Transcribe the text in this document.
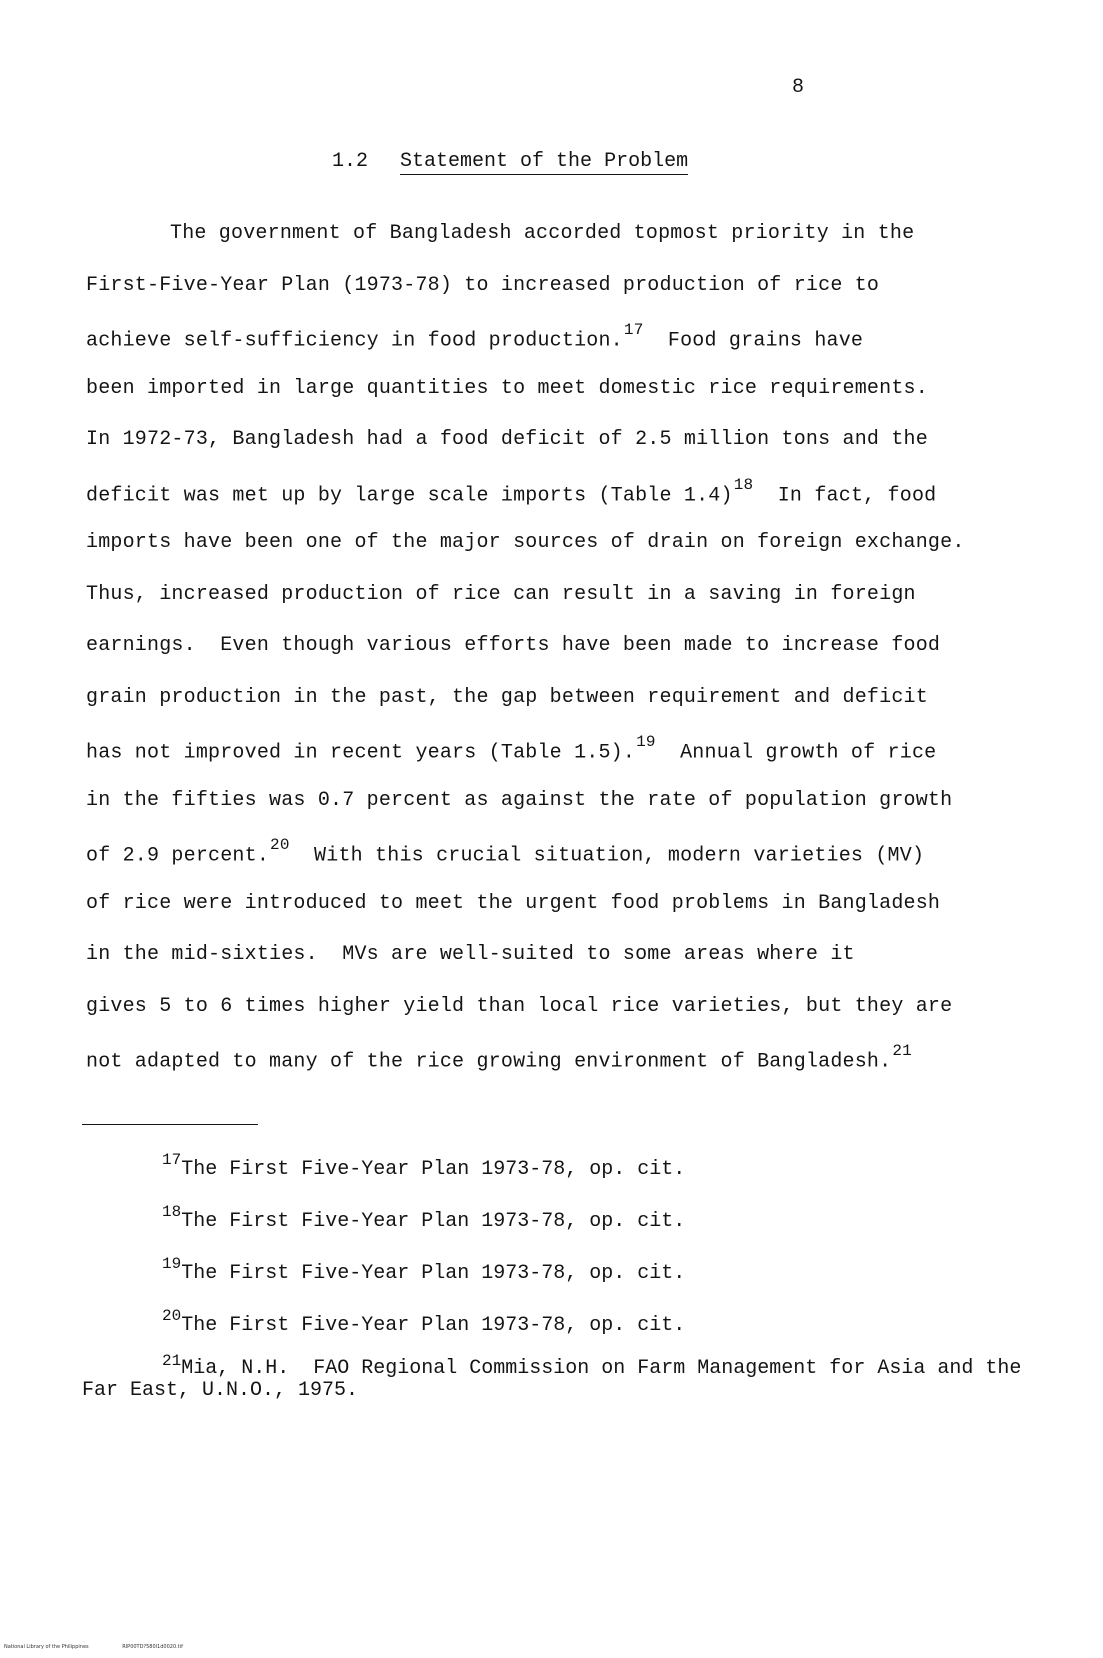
8
1.2 Statement of the Problem
The government of Bangladesh accorded topmost priority in the
First-Five-Year Plan (1973-78) to increased production of rice to
achieve self-sufficiency in food production.$^{17}$  Food grains have
been imported in large quantities to meet domestic rice requirements.
In 1972-73, Bangladesh had a food deficit of 2.5 million tons and the
deficit was met up by large scale imports (Table 1.4)$^{18}$  In fact, food
imports have been one of the major sources of drain on foreign exchange.
Thus, increased production of rice can result in a saving in foreign
earnings.  Even though various efforts have been made to increase food
grain production in the past, the gap between requirement and deficit
has not improved in recent years (Table 1.5).$^{19}$  Annual growth of rice
in the fifties was 0.7 percent as against the rate of population growth
of 2.9 percent.$^{20}$  With this crucial situation, modern varieties (MV)
of rice were introduced to meet the urgent food problems in Bangladesh
in the mid-sixties.  MVs are well-suited to some areas where it
gives 5 to 6 times higher yield than local rice varieties, but they are
not adapted to many of the rice growing environment of Bangladesh.$^{21}$
$^{17}$The First Five-Year Plan 1973-78, op. cit.
$^{18}$The First Five-Year Plan 1973-78, op. cit.
$^{19}$The First Five-Year Plan 1973-78, op. cit.
$^{20}$The First Five-Year Plan 1973-78, op. cit.
$^{21}$Mia, N.H.  FAO Regional Commission on Farm Management for Asia and the Far East, U.N.O., 1975.
National Library of the Philippines	RIP00TD?580l1d0020.tif
